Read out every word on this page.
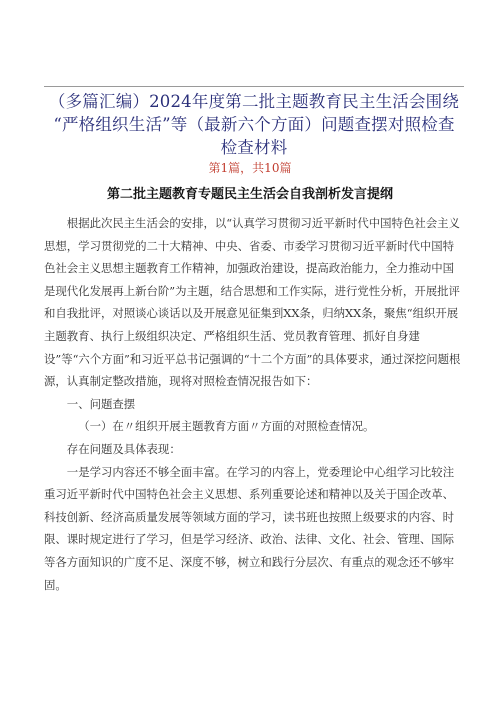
（多篇汇编）2024年度第二批主题教育民主生活会围绕
“严格组织生活”等（最新六个方面）问题查摆对照检查
检查材料
第1篇，共10篇
第二批主题教育专题民主生活会自我剖析发言提纲

根据此次民主生活会的安排，以“认真学习贯彻习近平新时代中国特色社会主义思想，学习贯彻党的二十大精神、中央、省委、市委学习贯彻习近平新时代中国特色社会主义思想主题教育工作精神，加强政治建设，提高政治能力，全力推动中国是现代化发展再上新台阶”为主题，结合思想和工作实际，进行党性分析，开展批评和自我批评，对照谈心谈话以及开展意见征集到XX条，归纳XX条，聚焦“组织开展主题教育、执行上级组织决定、严格组织生活、党员教育管理、抓好自身建设”等“六个方面”和习近平总书记强调的“十二个方面”的具体要求，通过深挖问题根源，认真制定整改措施，现将对照检查情况报告如下：

一、问题查摆

（一）在〃组织开展主题教育方面〃方面的对照检查情况。

存在问题及具体表现：

一是学习内容还不够全面丰富。在学习的内容上，党委理论中心组学习比较注重习近平新时代中国特色社会主义思想、系列重要论述和精神以及关于国企改革、科技创新、经济高质量发展等领域方面的学习，读书班也按照上级要求的内容、时限、课时规定进行了学习，但是学习经济、政治、法律、文化、社会、管理、国际等各方面知识的广度不足、深度不够，树立和践行分层次、有重点的观念还不够牢固。
